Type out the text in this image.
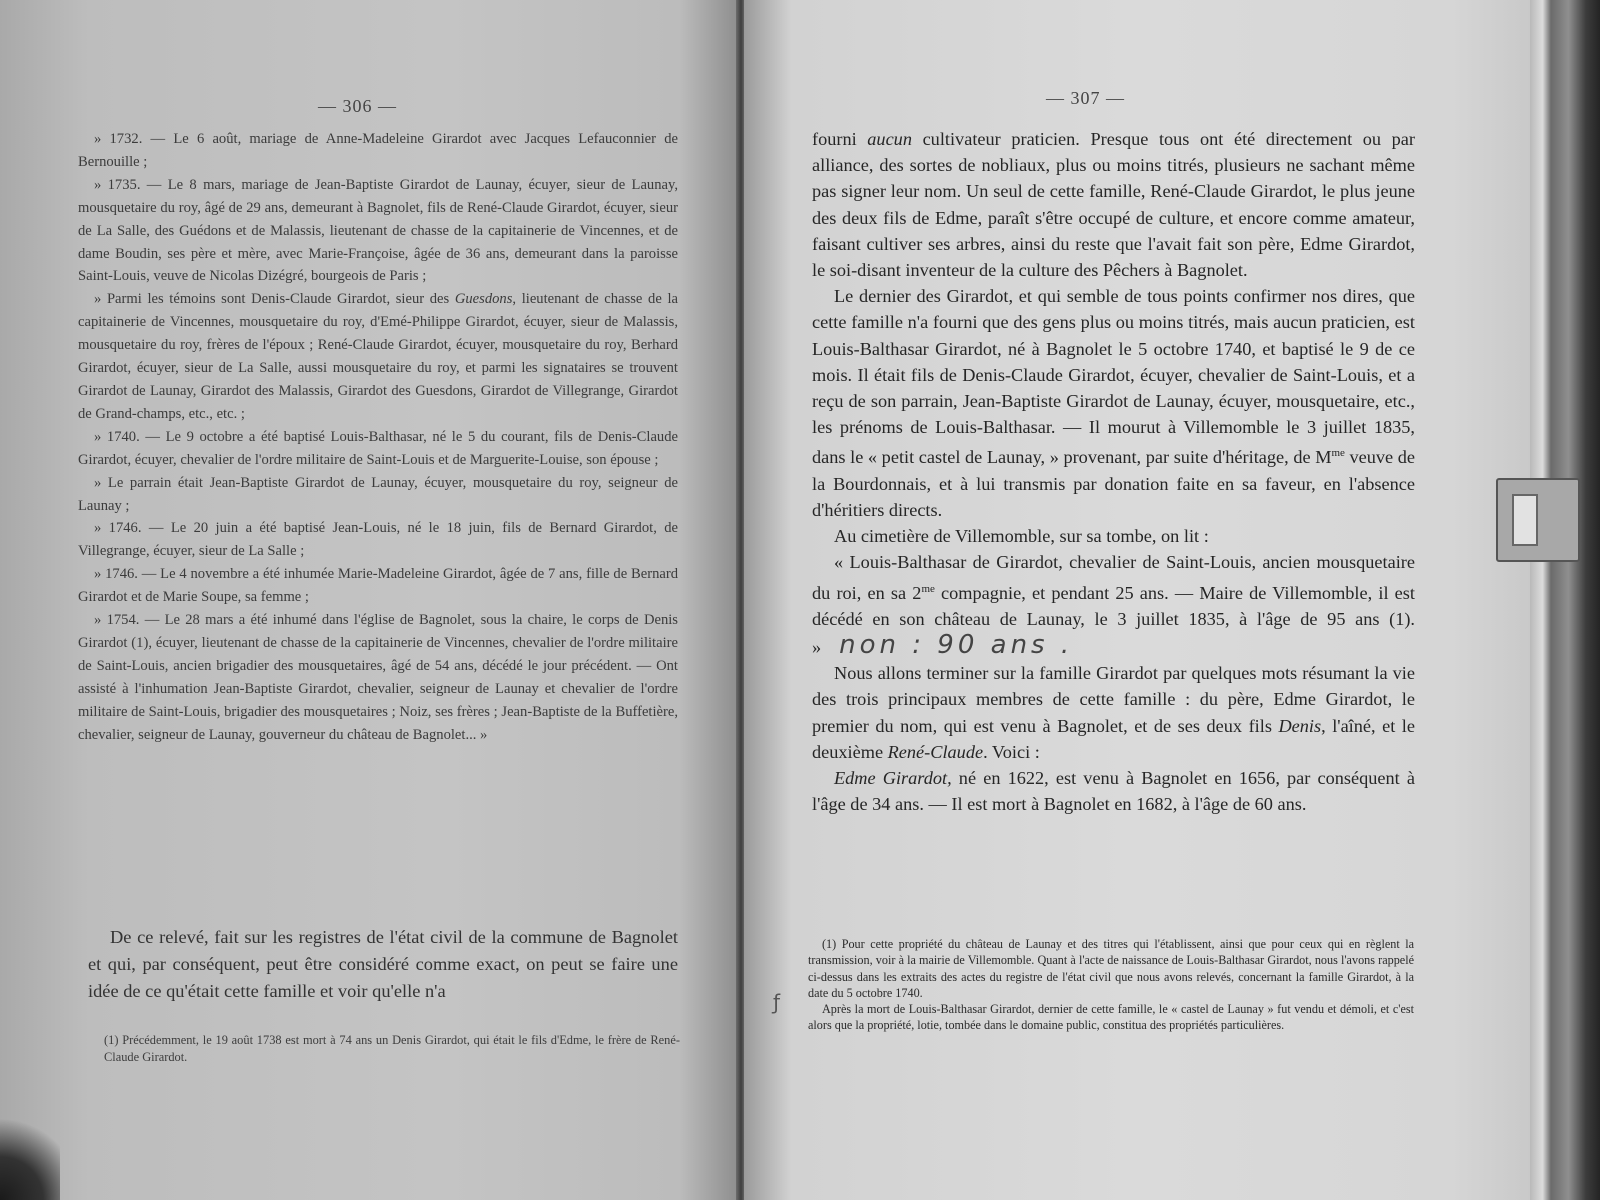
— 306 —

» 1732. — Le 6 août, mariage de Anne-Madeleine Girardot avec Jacques Lefauconnier de Bernouille ;

» 1735. — Le 8 mars, mariage de Jean-Baptiste Girardot de Launay, écuyer, sieur de Launay, mousquetaire du roy, âgé de 29 ans, demeurant à Bagnolet, fils de René-Claude Girardot, écuyer, sieur de La Salle, des Guédons et de Malassis, lieutenant de chasse de la capitainerie de Vincennes, et de dame Boudin, ses père et mère, avec Marie-Françoise, âgée de 36 ans, demeurant dans la paroisse Saint-Louis, veuve de Nicolas Dizégré, bourgeois de Paris ;

» Parmi les témoins sont Denis-Claude Girardot, sieur des Guesdons, lieutenant de chasse de la capitainerie de Vincennes, mousquetaire du roy, d'Emé-Philippe Girardot, écuyer, sieur de Malassis, mousquetaire du roy, frères de l'époux ; René-Claude Girardot, écuyer, mousquetaire du roy, Berhard Girardot, écuyer, sieur de La Salle, aussi mousquetaire du roy, et parmi les signataires se trouvent Girardot de Launay, Girardot des Malassis, Girardot des Guesdons, Girardot de Villegrange, Girardot de Grand-champs, etc., etc. ;

» 1740. — Le 9 octobre a été baptisé Louis-Balthasar, né le 5 du courant, fils de Denis-Claude Girardot, écuyer, chevalier de l'ordre militaire de Saint-Louis et de Marguerite-Louise, son épouse ;

» Le parrain était Jean-Baptiste Girardot de Launay, écuyer, mousquetaire du roy, seigneur de Launay ;

» 1746. — Le 20 juin a été baptisé Jean-Louis, né le 18 juin, fils de Bernard Girardot, de Villegrange, écuyer, sieur de La Salle ;

» 1746. — Le 4 novembre a été inhumée Marie-Madeleine Girardot, âgée de 7 ans, fille de Bernard Girardot et de Marie Soupe, sa femme ;

» 1754. — Le 28 mars a été inhumé dans l'église de Bagnolet, sous la chaire, le corps de Denis Girardot (1), écuyer, lieutenant de chasse de la capitainerie de Vincennes, chevalier de l'ordre militaire de Saint-Louis, ancien brigadier des mousquetaires, âgé de 54 ans, décédé le jour précédent. — Ont assisté à l'inhumation Jean-Baptiste Girardot, chevalier, seigneur de Launay et chevalier de l'ordre militaire de Saint-Louis, brigadier des mousquetaires ; Noiz, ses frères ; Jean-Baptiste de la Buffetière, chevalier, seigneur de Launay, gouverneur du château de Bagnolet... »

De ce relevé, fait sur les registres de l'état civil de la commune de Bagnolet et qui, par conséquent, peut être considéré comme exact, on peut se faire une idée de ce qu'était cette famille et voir qu'elle n'a

(1) Précédemment, le 19 août 1738 est mort à 74 ans un Denis Girardot, qui était le fils d'Edme, le frère de René-Claude Girardot.

— 307 —

fourni aucun cultivateur praticien. Presque tous ont été directement ou par alliance, des sortes de nobliaux, plus ou moins titrés, plusieurs ne sachant même pas signer leur nom. Un seul de cette famille, René-Claude Girardot, le plus jeune des deux fils de Edme, paraît s'être occupé de culture, et encore comme amateur, faisant cultiver ses arbres, ainsi du reste que l'avait fait son père, Edme Girardot, le soi-disant inventeur de la culture des Pêchers à Bagnolet.

Le dernier des Girardot, et qui semble de tous points confirmer nos dires, que cette famille n'a fourni que des gens plus ou moins titrés, mais aucun praticien, est Louis-Balthasar Girardot, né à Bagnolet le 5 octobre 1740, et baptisé le 9 de ce mois. Il était fils de Denis-Claude Girardot, écuyer, chevalier de Saint-Louis, et a reçu de son parrain, Jean-Baptiste Girardot de Launay, écuyer, mousquetaire, etc., les prénoms de Louis-Balthasar. — Il mourut à Villemomble le 3 juillet 1835, dans le « petit castel de Launay, » provenant, par suite d'héritage, de $M^{me}$ veuve de la Bourdonnais, et à lui transmis par donation faite en sa faveur, en l'absence d'héritiers directs.

Au cimetière de Villemomble, sur sa tombe, on lit :

« Louis-Balthasar de Girardot, chevalier de Saint-Louis, ancien mousquetaire du roi, en sa $2^{me}$ compagnie, et pendant 25 ans. — Maire de Villemomble, il est décédé en son château de Launay, le 3 juillet 1835, à l'âge de 95 ans (1). » non : 90 ans .

Nous allons terminer sur la famille Girardot par quelques mots résumant la vie des trois principaux membres de cette famille : du père, Edme Girardot, le premier du nom, qui est venu à Bagnolet, et de ses deux fils Denis, l'aîné, et le deuxième René-Claude. Voici :

Edme Girardot, né en 1622, est venu à Bagnolet en 1656, par conséquent à l'âge de 34 ans. — Il est mort à Bagnolet en 1682, à l'âge de 60 ans.

(1) Pour cette propriété du château de Launay et des titres qui l'établissent, ainsi que pour ceux qui en règlent la transmission, voir à la mairie de Villemomble. Quant à l'acte de naissance de Louis-Balthasar Girardot, nous l'avons rappelé ci-dessus dans les extraits des actes du registre de l'état civil que nous avons relevés, concernant la famille Girardot, à la date du 5 octobre 1740.

Après la mort de Louis-Balthasar Girardot, dernier de cette famille, le « castel de Launay » fut vendu et démoli, et c'est alors que la propriété, lotie, tombée dans le domaine public, constitua des propriétés particulières.

ƒ
